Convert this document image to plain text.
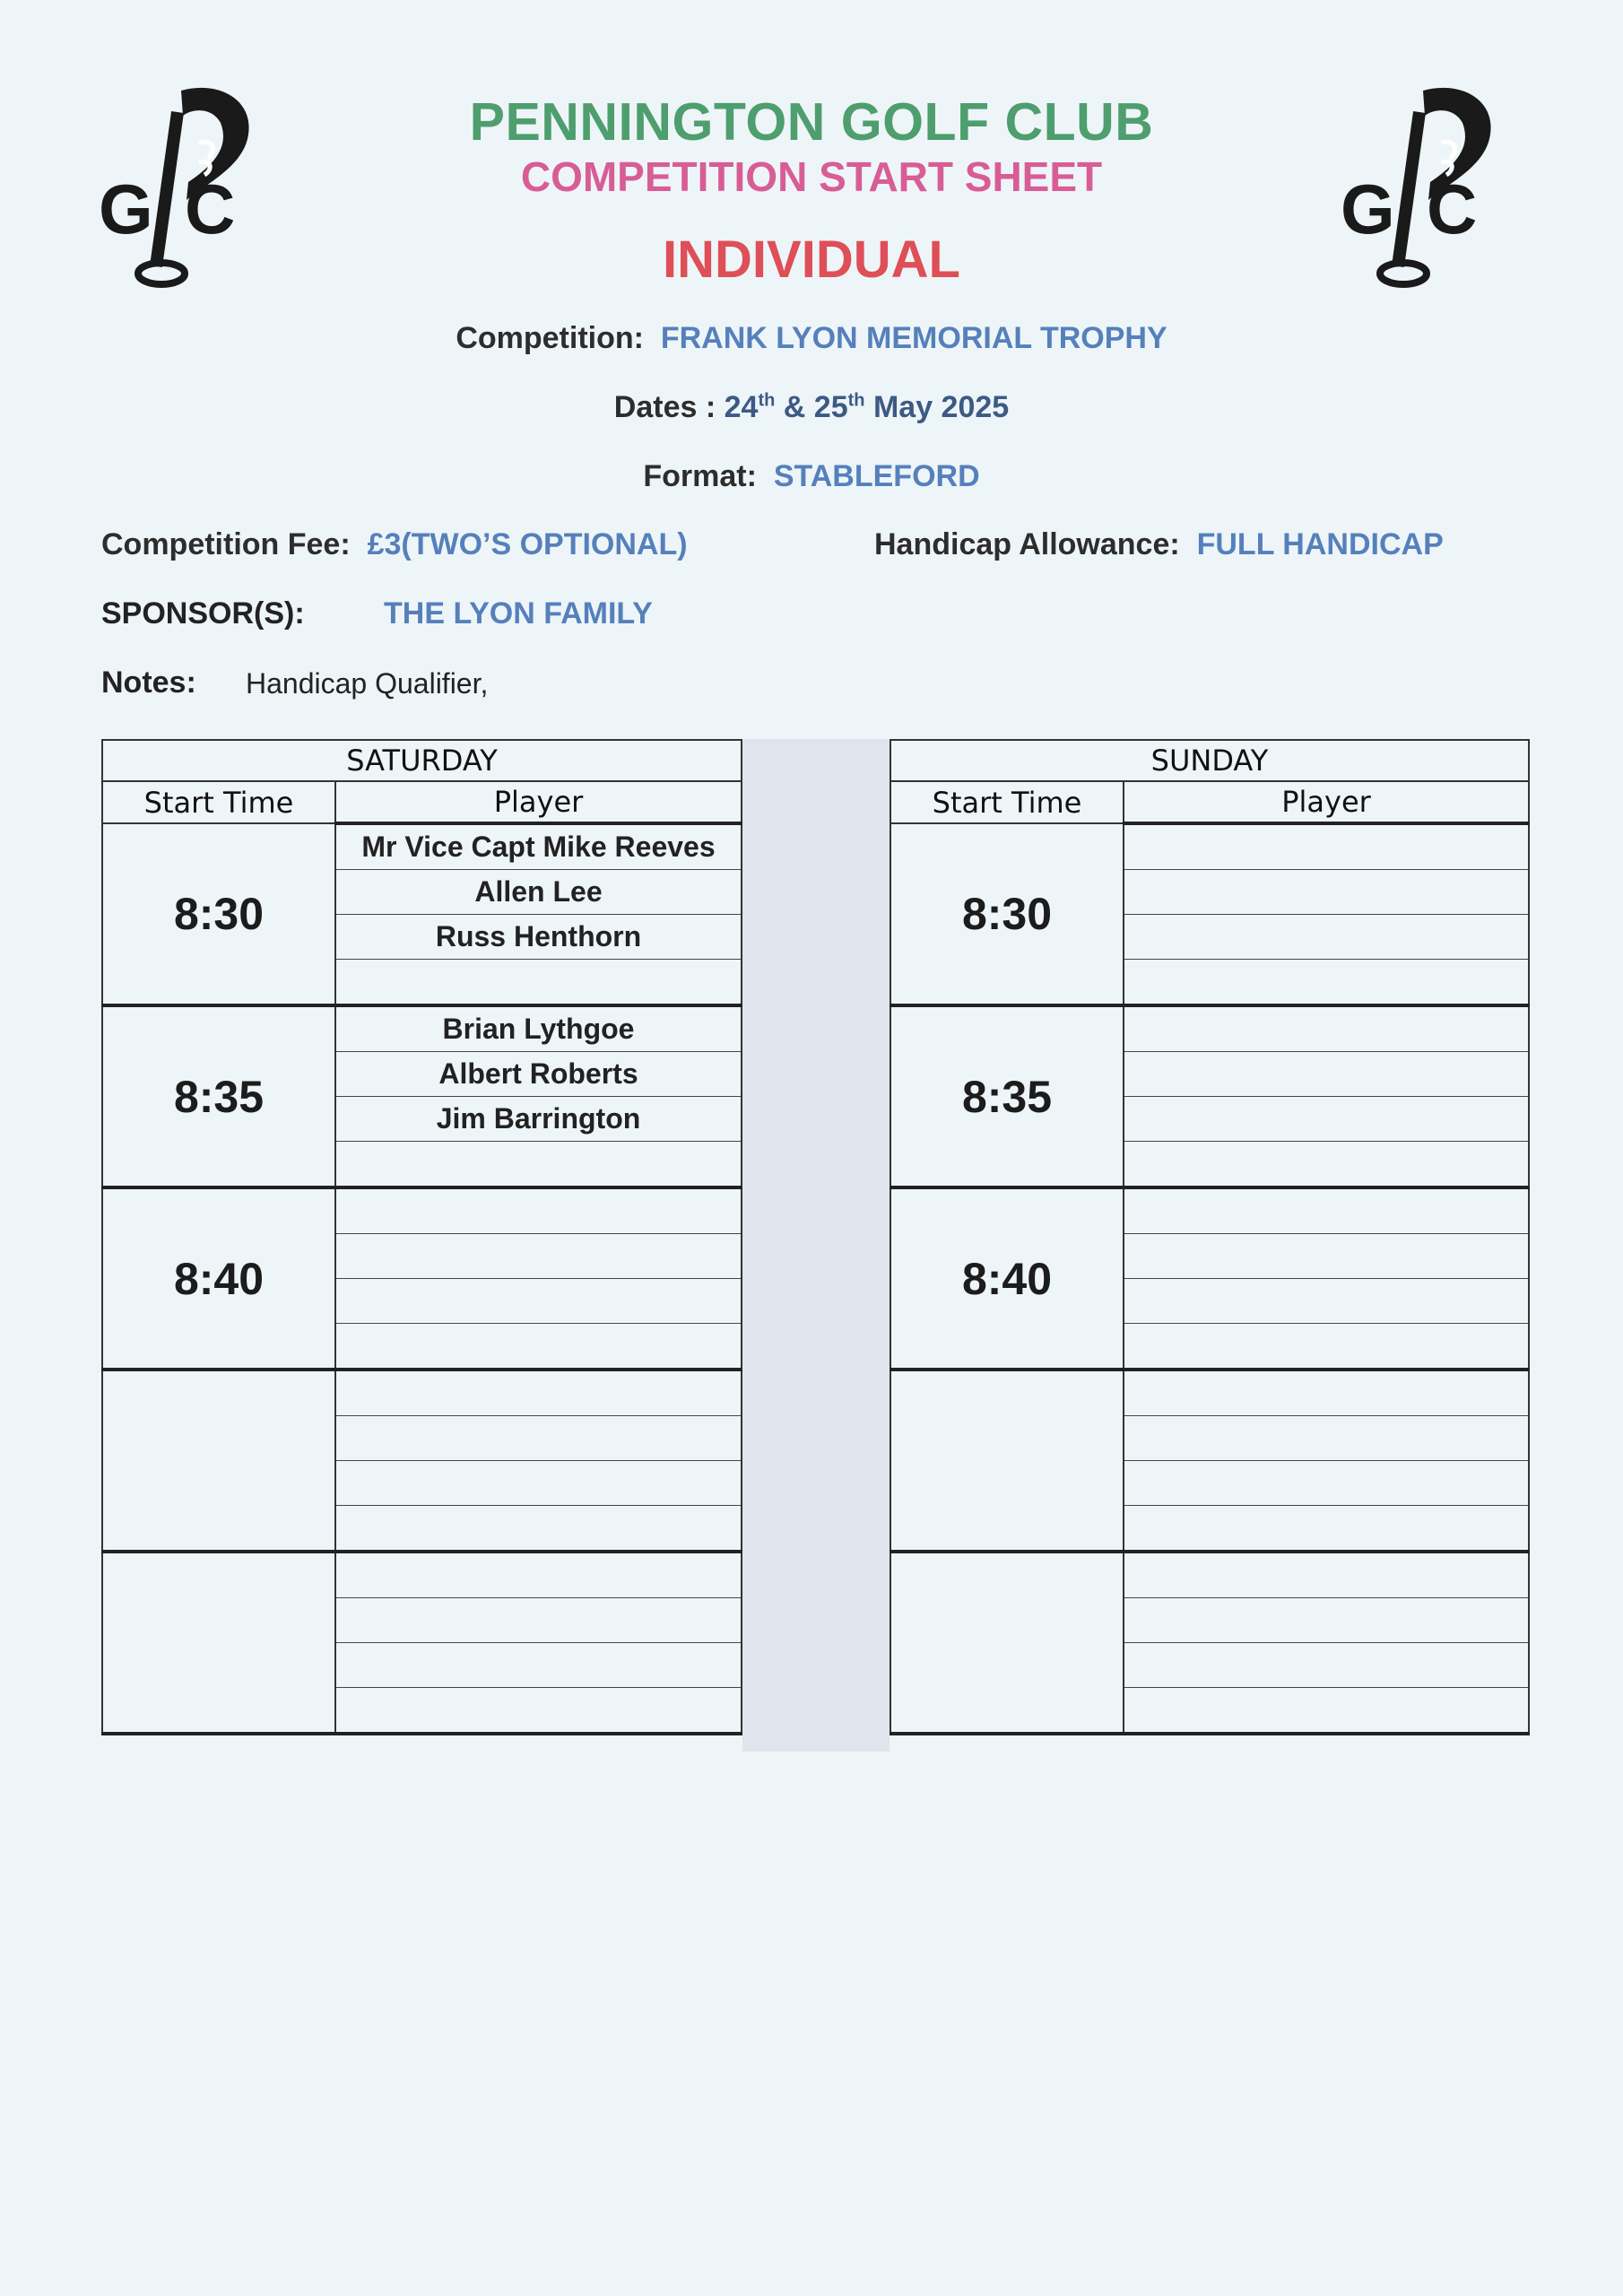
G C	G C
PENNINGTON GOLF CLUB
COMPETITION START SHEET
INDIVIDUAL
Competition: FRANK LYON MEMORIAL TROPHY
Dates : 24th & 25th May 2025
Format: STABLEFORD
Competition Fee: £3(TWO’S OPTIONAL)	Handicap Allowance: FULL HANDICAP
SPONSOR(S):	THE LYON FAMILY
Notes: Handicap Qualifier,
SATURDAY	
Start Time	Player
8:30	Mr Vice Capt Mike Reeves
	Allen Lee
	Russ Henthorn

8:35	Brian Lythgoe
	Albert Roberts
	Jim Barrington

8:40	

SUNDAY	
Start Time	Player
8:30	

8:35	

8:40	
